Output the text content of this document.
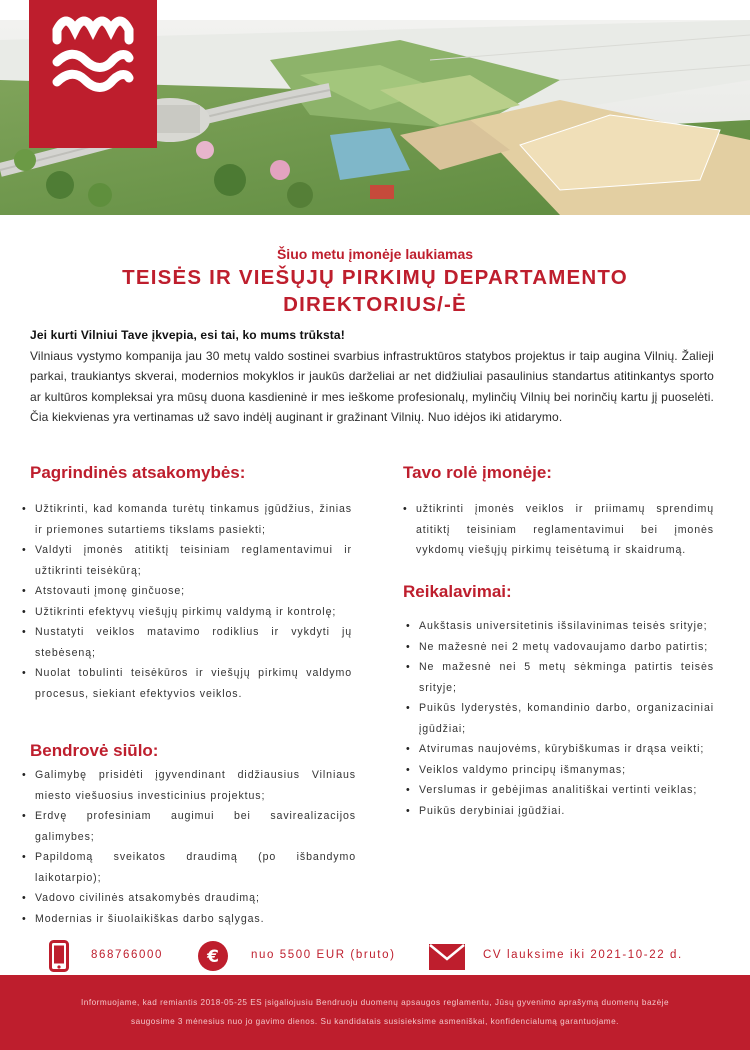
Šiuo metu įmonėje laukiamas
TEISĖS IR VIEŠŲJŲ PIRKIMŲ DEPARTAMENTO
DIREKTORIUS/-Ė
Jei kurti Vilniui Tave įkvepia, esi tai, ko mums trūksta!
Vilniaus vystymo kompanija jau 30 metų valdo sostinei svarbius infrastruktūros statybos projektus ir taip augina Vilnių. Žalieji parkai, traukiantys skverai, modernios mokyklos ir jaukūs darželiai ar net didžiuliai pasaulinius standartus atitinkantys sporto ar kultūros kompleksai yra mūsų duona kasdieninė ir mes ieškome profesionalų, mylinčių Vilnių bei norinčių kartu jį puoselėti. Čia kiekvienas yra vertinamas už savo indėlį auginant ir gražinant Vilnių. Nuo idėjos iki atidarymo.
Pagrindinės atsakomybės:
• Užtikrinti, kad komanda turėtų tinkamus įgūdžius, žinias ir priemones sutartiems tikslams pasiekti;
• Valdyti įmonės atitiktį teisiniam reglamentavimui ir užtikrinti teisėkūrą;
• Atstovauti įmonę ginčuose;
• Užtikrinti efektyvų viešųjų pirkimų valdymą ir kontrolę;
• Nustatyti veiklos matavimo rodiklius ir vykdyti jų stebėseną;
• Nuolat tobulinti teisėkūros ir viešųjų pirkimų valdymo procesus, siekiant efektyvios veiklos.
Bendrovė siūlo:
• Galimybę prisidėti įgyvendinant didžiausius Vilniaus miesto viešuosius investicinius projektus;
• Erdvę profesiniam augimui bei savirealizacijos galimybes;
• Papildomą sveikatos draudimą (po išbandymo laikotarpio);
• Vadovo civilinės atsakomybės draudimą;
• Modernias ir šiuolaikiškas darbo sąlygas.
Tavo rolė įmonėje:
• užtikrinti įmonės veiklos ir priimamų sprendimų atitiktį teisiniam reglamentavimui bei įmonės vykdomų viešųjų pirkimų teisėtumą ir skaidrumą.
Reikalavimai:
• Aukštasis universitetinis išsilavinimas teisės srityje;
• Ne mažesnė nei 2 metų vadovaujamo darbo patirtis;
• Ne mažesnė nei 5 metų sėkminga patirtis teisės srityje;
• Puikūs lyderystės, komandinio darbo, organizaciniai įgūdžiai;
• Atvirumas naujovėms, kūrybiškumas ir drąsa veikti;
• Veiklos valdymo principų išmanymas;
• Verslumas ir gebėjimas analitiškai vertinti veiklas;
• Puikūs derybiniai įgūdžiai.
868766000	€	nuo 5500 EUR (bruto)	CV lauksime iki 2021-10-22 d.
Informuojame, kad remiantis 2018-05-25 ES įsigaliojusiu Bendruoju duomenų apsaugos reglamentu, Jūsų gyvenimo aprašymą duomenų bazėje
saugosime 3 mėnesius nuo jo gavimo dienos. Su kandidatais susisieksime asmeniškai, konfidencialumą garantuojame.
